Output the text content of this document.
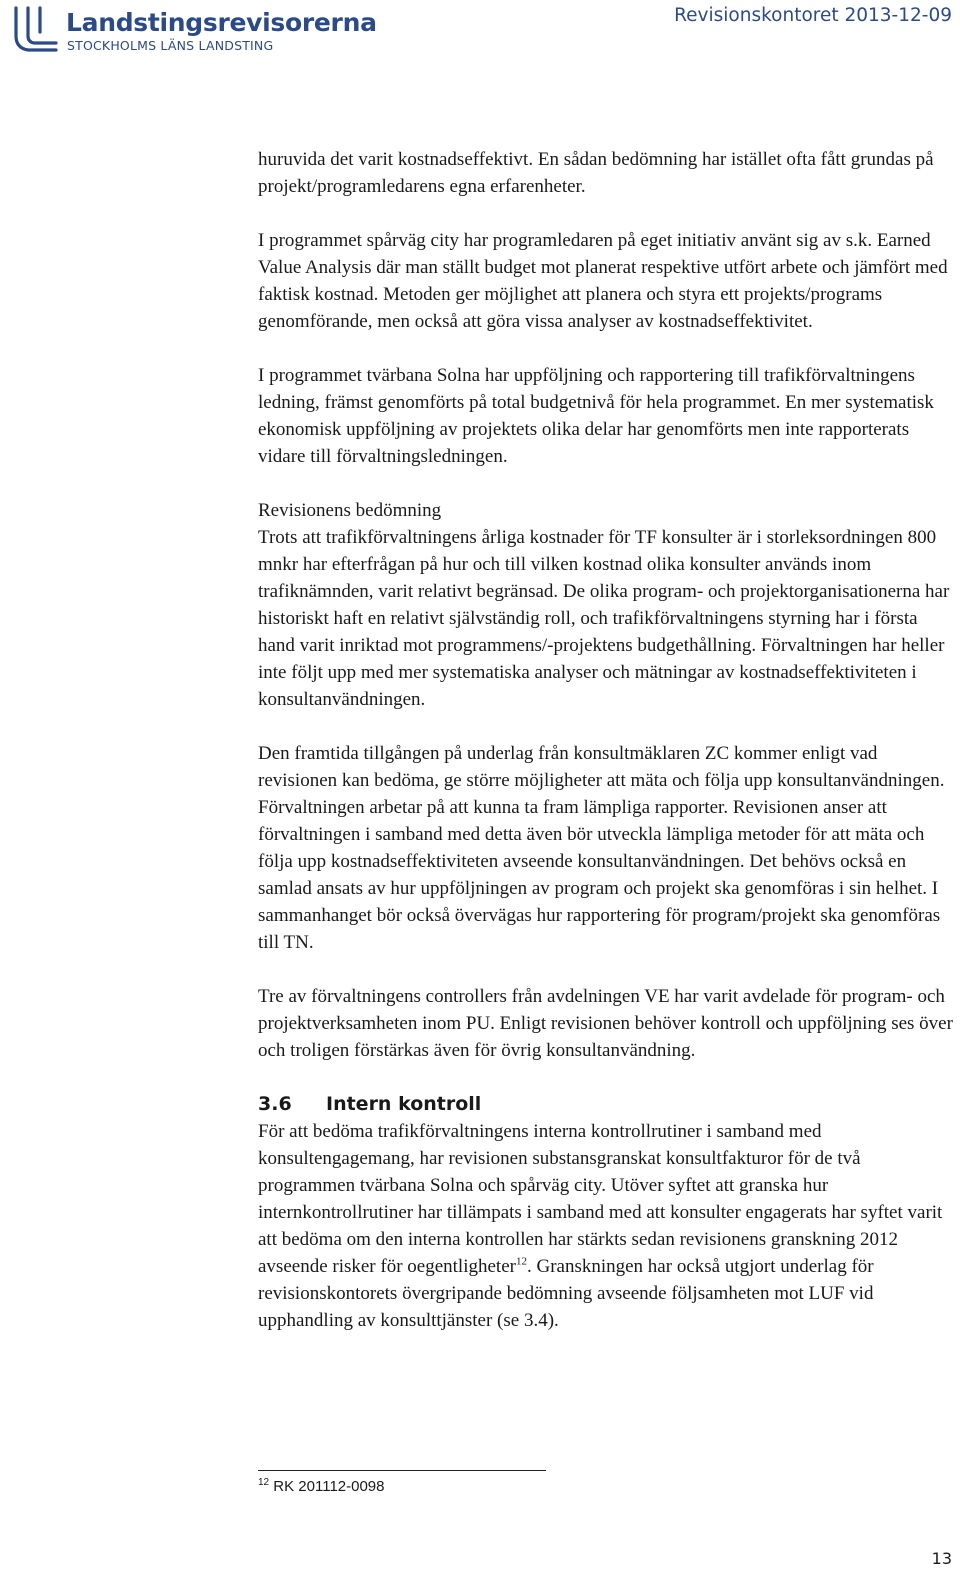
Landstingsrevisorerna
STOCKHOLMS LÄNS LANDSTING
Revisionskontoret 2013-12-09

huruvida det varit kostnadseffektivt. En sådan bedömning har istället ofta fått grundas på projekt/programledarens egna erfarenheter.

I programmet spårväg city har programledaren på eget initiativ använt sig av s.k. Earned Value Analysis där man ställt budget mot planerat respektive utfört arbete och jämfört med faktisk kostnad. Metoden ger möjlighet att planera och styra ett projekts/programs genomförande, men också att göra vissa analyser av kostnadseffektivitet.

I programmet tvärbana Solna har uppföljning och rapportering till trafikförvaltningens ledning, främst genomförts på total budgetnivå för hela programmet. En mer systematisk ekonomisk uppföljning av projektets olika delar har genomförts men inte rapporterats vidare till förvaltningsledningen.

Revisionens bedömning

Trots att trafikförvaltningens årliga kostnader för TF konsulter är i storleksordningen 800 mnkr har efterfrågan på hur och till vilken kostnad olika konsulter används inom trafiknämnden, varit relativt begränsad. De olika program- och projektorganisationerna har historiskt haft en relativt självständig roll, och trafikförvaltningens styrning har i första hand varit inriktad mot programmens/-projektens budgethållning. Förvaltningen har heller inte följt upp med mer systematiska analyser och mätningar av kostnadseffektiviteten i konsultanvändningen.

Den framtida tillgången på underlag från konsultmäklaren ZC kommer enligt vad revisionen kan bedöma, ge större möjligheter att mäta och följa upp konsultanvändningen. Förvaltningen arbetar på att kunna ta fram lämpliga rapporter. Revisionen anser att förvaltningen i samband med detta även bör utveckla lämpliga metoder för att mäta och följa upp kostnadseffektiviteten avseende konsultanvändningen. Det behövs också en samlad ansats av hur uppföljningen av program och projekt ska genomföras i sin helhet. I sammanhanget bör också övervägas hur rapportering för program/projekt ska genomföras till TN.

Tre av förvaltningens controllers från avdelningen VE har varit avdelade för program- och projektverksamheten inom PU. Enligt revisionen behöver kontroll och uppföljning ses över och troligen förstärkas även för övrig konsultanvändning.

3.6 Intern kontroll

För att bedöma trafikförvaltningens interna kontrollrutiner i samband med konsultengagemang, har revisionen substansgranskat konsultfakturor för de två programmen tvärbana Solna och spårväg city. Utöver syftet att granska hur internkontrollrutiner har tillämpats i samband med att konsulter engagerats har syftet varit att bedöma om den interna kontrollen har stärkts sedan revisionens granskning 2012 avseende risker för oegentligheter$^{12}$. Granskningen har också utgjort underlag för revisionskontorets övergripande bedömning avseende följsamheten mot LUF vid upphandling av konsulttjänster (se 3.4).

$^{12}$ RK 201112-0098
13
